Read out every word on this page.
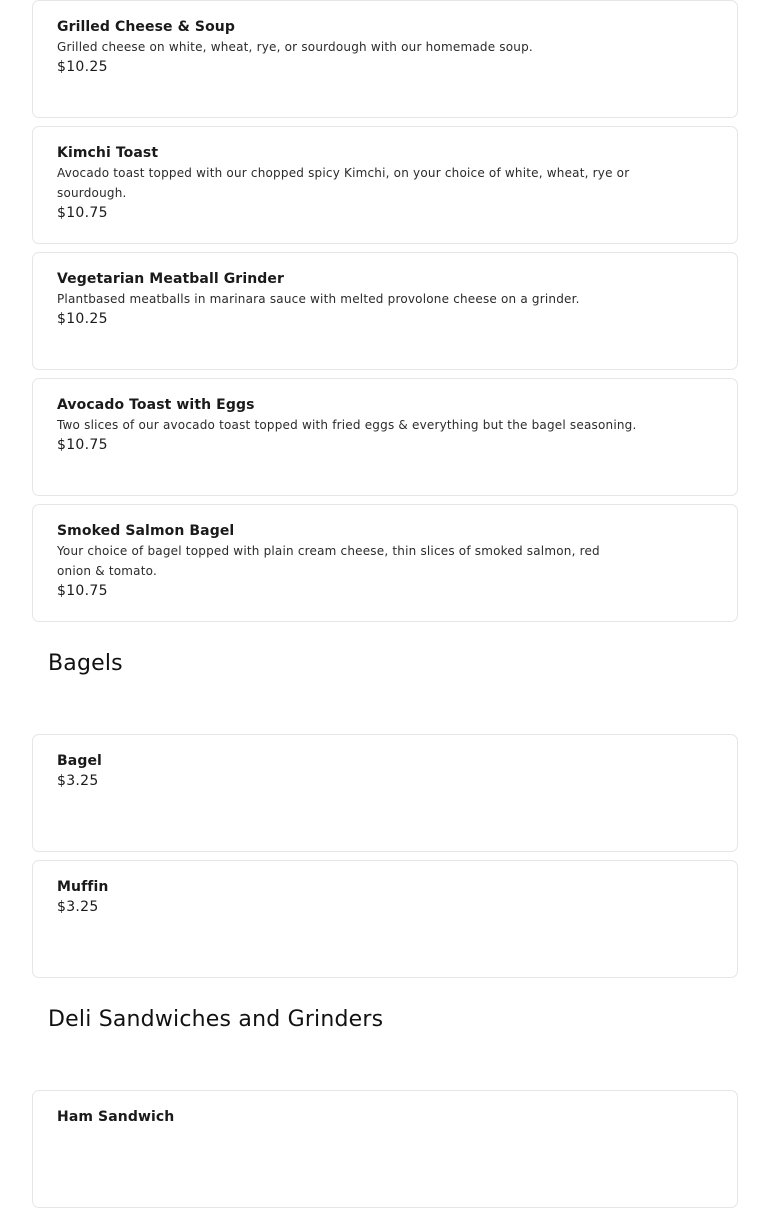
Grilled Cheese & Soup
Grilled cheese on white, wheat, rye, or sourdough with our homemade soup.
$10.25
Kimchi Toast
Avocado toast topped with our chopped spicy Kimchi, on your choice of white, wheat, rye or sourdough.
$10.75
Vegetarian Meatball Grinder
Plantbased meatballs in marinara sauce with melted provolone cheese on a grinder.
$10.25
Avocado Toast with Eggs
Two slices of our avocado toast topped with fried eggs & everything but the bagel seasoning.
$10.75
Smoked Salmon Bagel
Your choice of bagel topped with plain cream cheese, thin slices of smoked salmon, red onion & tomato.
$10.75
Bagels
Bagel
$3.25
Muffin
$3.25
Deli Sandwiches and Grinders
Ham Sandwich
